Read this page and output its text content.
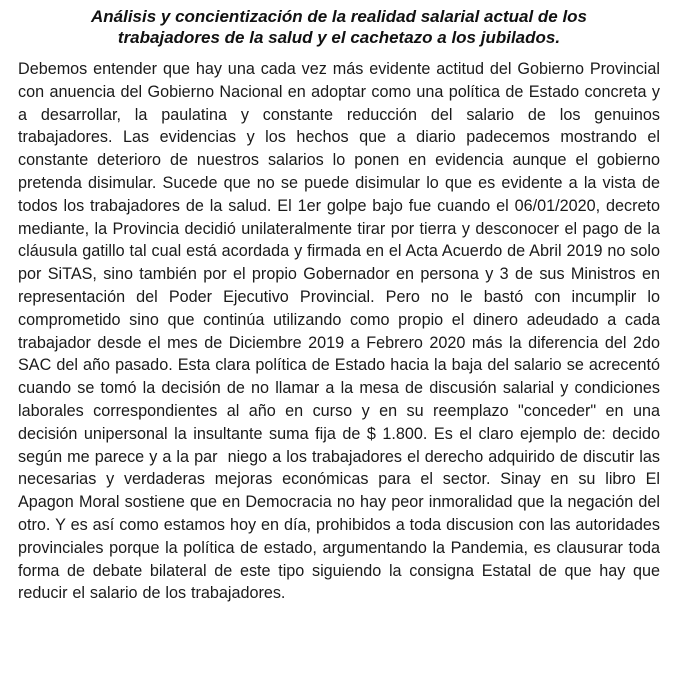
Análisis y concientización de la realidad salarial actual de los
trabajadores de la salud y el cachetazo a los jubilados.

Debemos entender que hay una cada vez más evidente actitud del Gobierno Provincial con anuencia del Gobierno Nacional en adoptar como una política de Estado concreta y a desarrollar, la paulatina y constante reducción del salario de los genuinos trabajadores. Las evidencias y los hechos que a diario padecemos mostrando el constante deterioro de nuestros salarios lo ponen en evidencia aunque el gobierno pretenda disimular. Sucede que no se puede disimular lo que es evidente a la vista de todos los trabajadores de la salud. El 1er golpe bajo fue cuando el 06/01/2020, decreto mediante, la Provincia decidió unilateralmente tirar por tierra y desconocer el pago de la cláusula gatillo tal cual está acordada y firmada en el Acta Acuerdo de Abril 2019 no solo por SiTAS, sino también por el propio Gobernador en persona y 3 de sus Ministros en representación del Poder Ejecutivo Provincial. Pero no le bastó con incumplir lo comprometido sino que continúa utilizando como propio el dinero adeudado a cada trabajador desde el mes de Diciembre 2019 a Febrero 2020 más la diferencia del 2do SAC del año pasado. Esta clara política de Estado hacia la baja del salario se acrecentó cuando se tomó la decisión de no llamar a la mesa de discusión salarial y condiciones laborales correspondientes al año en curso y en su reemplazo "conceder" en una decisión unipersonal la insultante suma fija de $ 1.800. Es el claro ejemplo de: decido según me parece y a la par  niego a los trabajadores el derecho adquirido de discutir las necesarias y verdaderas mejoras económicas para el sector. Sinay en su libro El Apagon Moral sostiene que en Democracia no hay peor inmoralidad que la negación del otro. Y es así como estamos hoy en día, prohibidos a toda discusion con las autoridades provinciales porque la política de estado, argumentando la Pandemia, es clausurar toda forma de debate bilateral de este tipo siguiendo la consigna Estatal de que hay que reducir el salario de los trabajadores.
